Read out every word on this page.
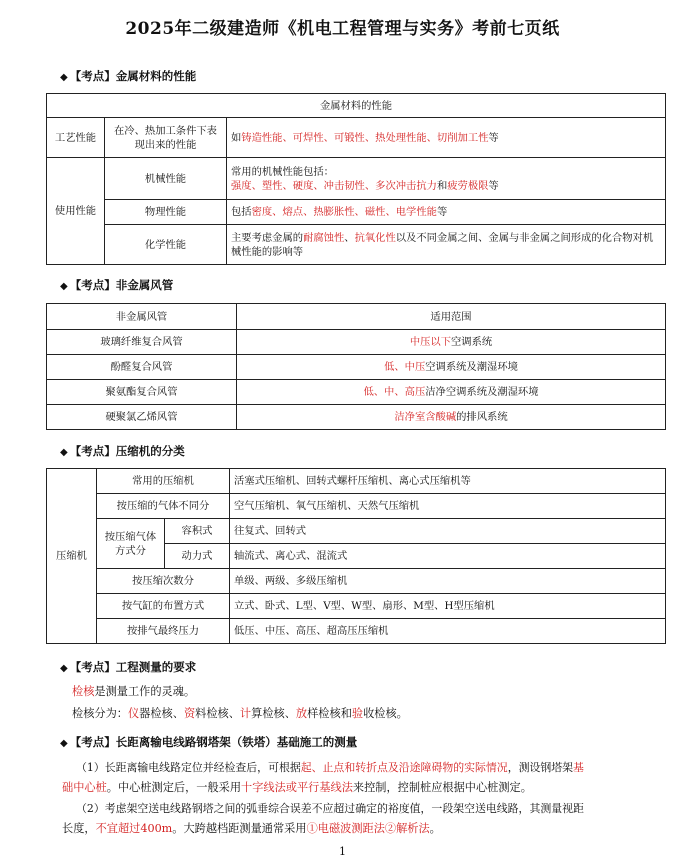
2025年二级建造师《机电工程管理与实务》考前七页纸
◆ 【考点】金属材料的性能
金属材料的性能		
工艺性能	在冷、热加工条件下表现出来的性能	如铸造性能、可焊性、可锻性、热处理性能、切削加工性等
使用性能	机械性能	常用的机械性能包括：
强度、塑性、硬度、冲击韧性、多次冲击抗力和疲劳极限等
	物理性能	包括密度、熔点、热膨胀性、磁性、电学性能等
	化学性能	主要考虑金属的耐腐蚀性、抗氧化性以及不同金属之间、金属与非金属之间形成的化合物对机械性能的影响等
◆ 【考点】非金属风管
非金属风管	适用范围
玻璃纤维复合风管	中压以下空调系统
酚醛复合风管	低、中压空调系统及潮湿环境
聚氨酯复合风管	低、中、高压洁净空调系统及潮湿环境
硬聚氯乙烯风管	洁净室含酸碱的排风系统
◆ 【考点】压缩机的分类
压缩机	常用的压缩机		活塞式压缩机、回转式螺杆压缩机、离心式压缩机等
	按压缩的气体不同分		空气压缩机、氧气压缩机、天然气压缩机
	按压缩气体方式分	容积式	往复式、回转式
		动力式	轴流式、离心式、混流式
	按压缩次数分		单级、两级、多级压缩机
	按气缸的布置方式		立式、卧式、L型、V型、W型、扇形、M型、H型压缩机
	按排气最终压力		低压、中压、高压、超高压压缩机
◆ 【考点】工程测量的要求
检核是测量工作的灵魂。
检核分为：仪器检核、资料检核、计算检核、放样检核和验收检核。
◆ 【考点】长距离输电线路钢塔架（铁塔）基础施工的测量
（1）长距离输电线路定位并经检查后，可根据起、止点和转折点及沿途障碍物的实际情况，测设钢塔架基
础中心桩。中心桩测定后，一般采用十字线法或平行基线法来控制，控制桩应根据中心桩测定。
（2）考虑架空送电线路钢塔之间的弧垂综合误差不应超过确定的裕度值，一段架空送电线路，其测量视距
长度，不宜超过400m。大跨越档距测量通常采用①电磁波测距法②解析法。
1
